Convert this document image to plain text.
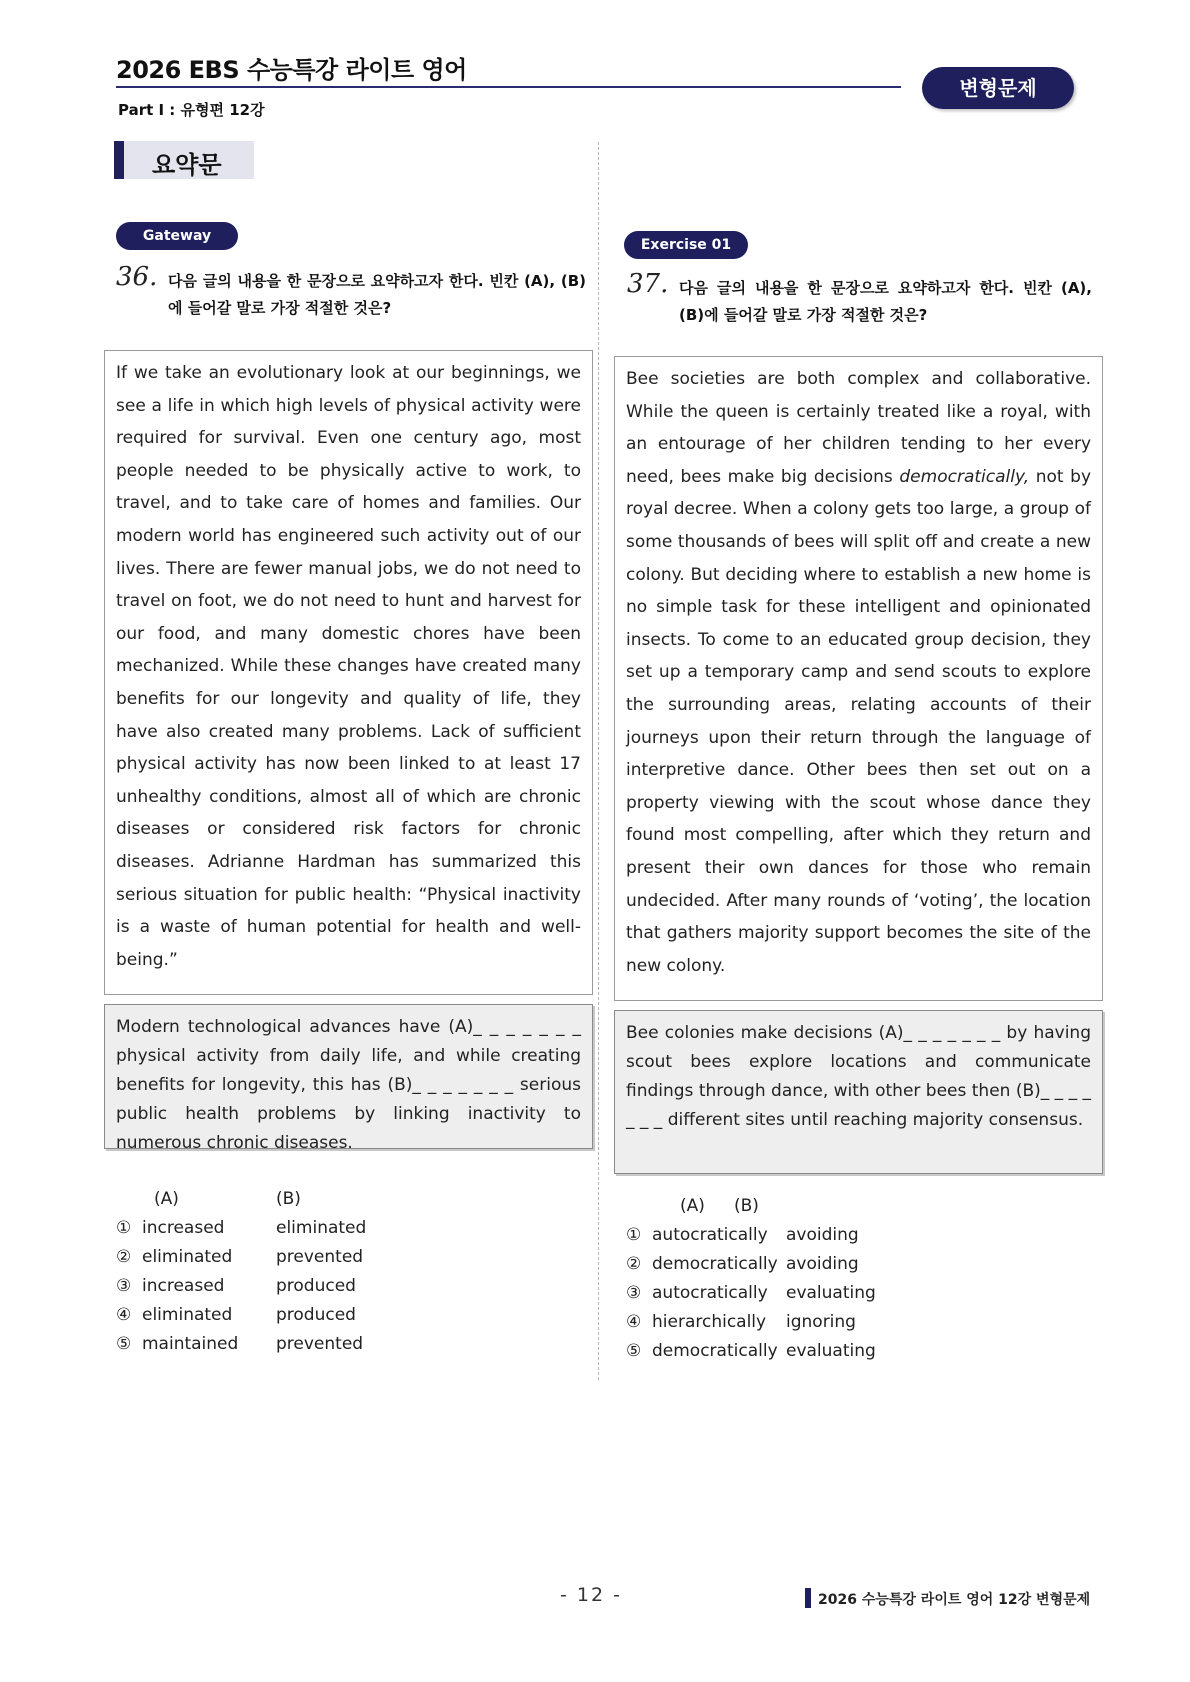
2026 EBS 수능특강 라이트 영어
Part Ⅰ : 유형편 12강
변형문제
요약문
Gateway
36. 다음 글의 내용을 한 문장으로 요약하고자 한다. 빈칸 (A), (B)에 들어갈 말로 가장 적절한 것은?
If we take an evolutionary look at our beginnings, we see a life in which high levels of physical activity were required for survival. Even one century ago, most people needed to be physically active to work, to travel, and to take care of homes and families. Our modern world has engineered such activity out of our lives. There are fewer manual jobs, we do not need to travel on foot, we do not need to hunt and harvest for our food, and many domestic chores have been mechanized. While these changes have created many benefits for our longevity and quality of life, they have also created many problems. Lack of sufficient physical activity has now been linked to at least 17 unhealthy conditions, almost all of which are chronic diseases or considered risk factors for chronic diseases. Adrianne Hardman has summarized this serious situation for public health: “Physical inactivity is a waste of human potential for health and well-being.”
Modern technological advances have (A)_ _ _ _ _ _ _ physical activity from daily life, and while creating benefits for longevity, this has (B)_ _ _ _ _ _ _ serious public health problems by linking inactivity to numerous chronic diseases.
(A)	(B)
① increased	eliminated
② eliminated	prevented
③ increased	produced
④ eliminated	produced
⑤ maintained	prevented
Exercise 01
37. 다음 글의 내용을 한 문장으로 요약하고자 한다. 빈칸 (A), (B)에 들어갈 말로 가장 적절한 것은?
Bee societies are both complex and collaborative. While the queen is certainly treated like a royal, with an entourage of her children tending to her every need, bees make big decisions democratically, not by royal decree. When a colony gets too large, a group of some thousands of bees will split off and create a new colony. But deciding where to establish a new home is no simple task for these intelligent and opinionated insects. To come to an educated group decision, they set up a temporary camp and send scouts to explore the surrounding areas, relating accounts of their journeys upon their return through the language of interpretive dance. Other bees then set out on a property viewing with the scout whose dance they found most compelling, after which they return and present their own dances for those who remain undecided. After many rounds of ‘voting’, the location that gathers majority support becomes the site of the new colony.
Bee colonies make decisions (A)_ _ _ _ _ _ _ by having scout bees explore locations and communicate findings through dance, with other bees then (B)_ _ _ _ _ _ _ different sites until reaching majority consensus.
(A)	(B)
① autocratically	avoiding
② democratically avoiding
③ autocratically	evaluating
④ hierarchically	ignoring
⑤ democratically evaluating
- 12 -	2026 수능특강 라이트 영어 12강 변형문제
